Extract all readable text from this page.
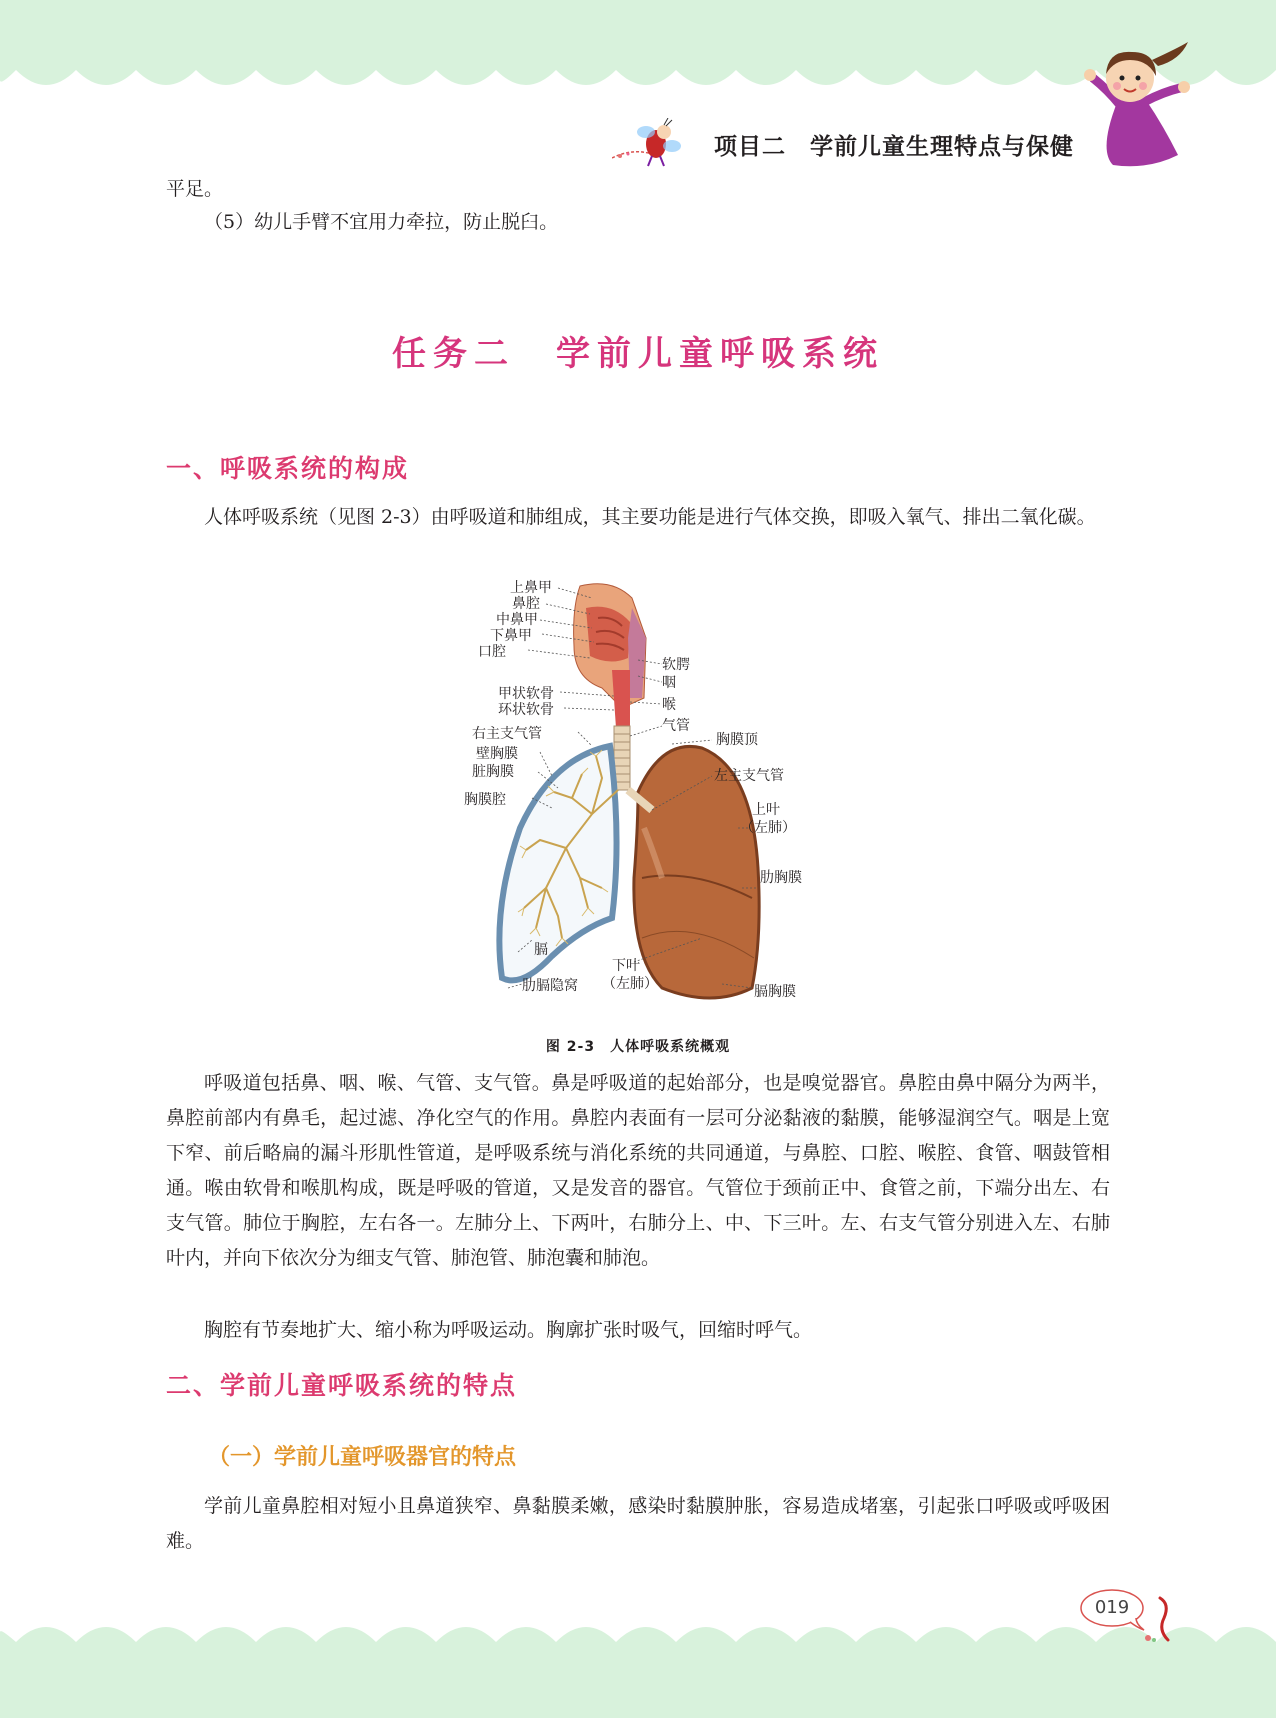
项目二　学前儿童生理特点与保健

平足。

（5）幼儿手臂不宜用力牵拉，防止脱臼。

任务二　学前儿童呼吸系统
一、呼吸系统的构成

人体呼吸系统（见图 2-3）由呼吸道和肺组成，其主要功能是进行气体交换，即吸入氧气、排出二氧化碳。

上鼻甲
鼻腔
中鼻甲
下鼻甲
口腔
软腭
咽
甲状软骨
环状软骨	喉
气管
右主支气管	胸膜顶
壁胸膜
脏胸膜	左主支气管
胸膜腔
上叶
（左肺）
肋胸膜
膈
下叶
（左肺）
肋膈隐窝	膈胸膜
图 2-3　人体呼吸系统概观

呼吸道包括鼻、咽、喉、气管、支气管。鼻是呼吸道的起始部分，也是嗅觉器官。鼻腔由鼻中隔分为两半，鼻腔前部内有鼻毛，起过滤、净化空气的作用。鼻腔内表面有一层可分泌黏液的黏膜，能够湿润空气。咽是上宽下窄、前后略扁的漏斗形肌性管道，是呼吸系统与消化系统的共同通道，与鼻腔、口腔、喉腔、食管、咽鼓管相通。喉由软骨和喉肌构成，既是呼吸的管道，又是发音的器官。气管位于颈前正中、食管之前，下端分出左、右支气管。肺位于胸腔，左右各一。左肺分上、下两叶，右肺分上、中、下三叶。左、右支气管分别进入左、右肺叶内，并向下依次分为细支气管、肺泡管、肺泡囊和肺泡。

胸腔有节奏地扩大、缩小称为呼吸运动。胸廓扩张时吸气，回缩时呼气。

二、学前儿童呼吸系统的特点
（一）学前儿童呼吸器官的特点

学前儿童鼻腔相对短小且鼻道狭窄、鼻黏膜柔嫩，感染时黏膜肿胀，容易造成堵塞，引起张口呼吸或呼吸困难。

019
